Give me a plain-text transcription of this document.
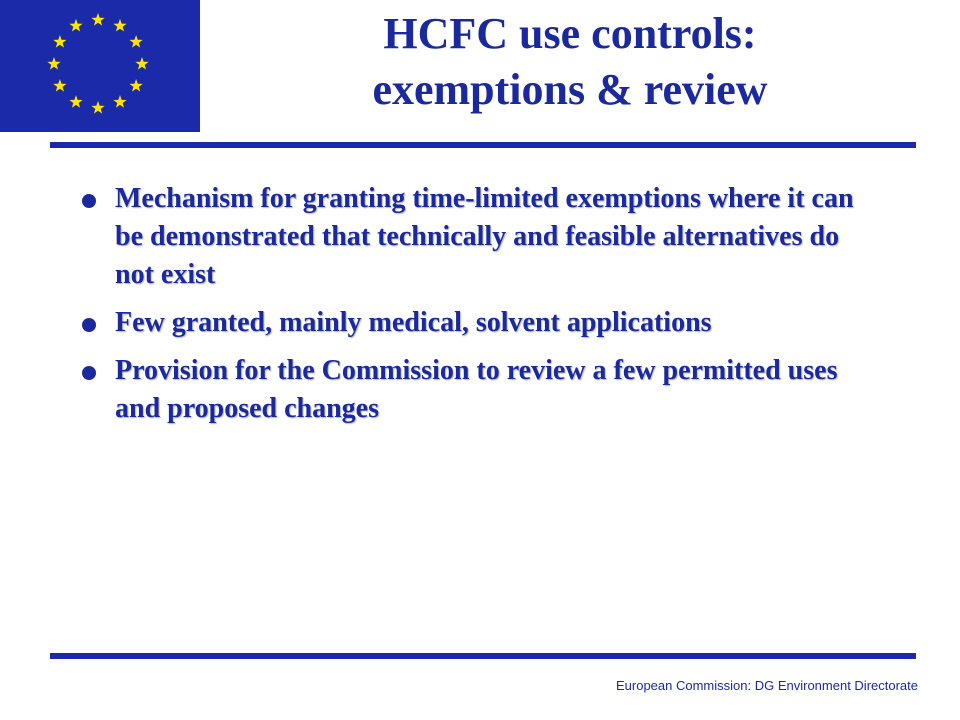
HCFC use controls:
exemptions & review
Mechanism for granting time-limited exemptions where it can be demonstrated that technically and feasible alternatives do not exist
Few granted, mainly medical, solvent applications
Provision for the Commission to review a few permitted uses and proposed changes
European Commission: DG Environment Directorate
